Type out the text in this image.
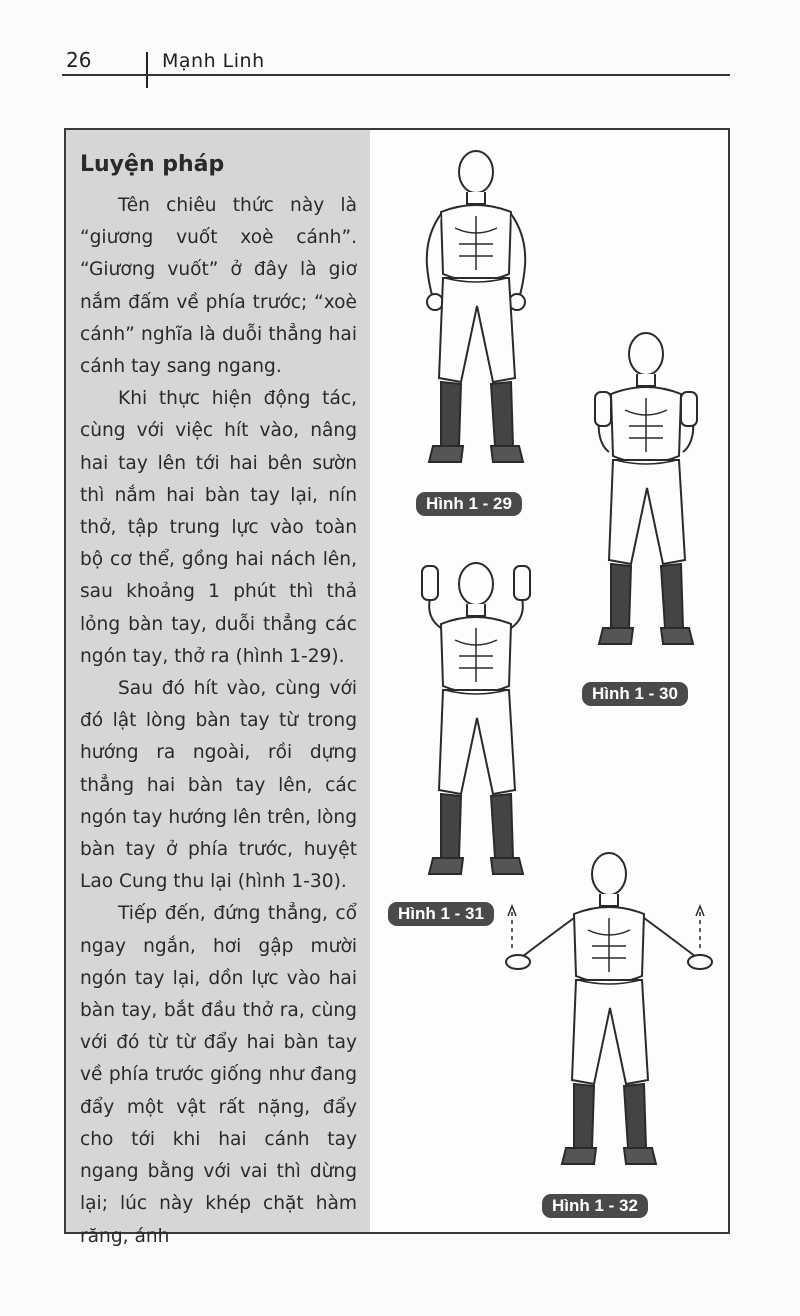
26	Mạnh Linh
Luyện pháp

Tên chiêu thức này là “giương vuốt xoè cánh”. “Giương vuốt” ở đây là giơ nắm đấm về phía trước; “xoè cánh” nghĩa là duỗi thẳng hai cánh tay sang ngang.

Khi thực hiện động tác, cùng với việc hít vào, nâng hai tay lên tới hai bên sườn thì nắm hai bàn tay lại, nín thở, tập trung lực vào toàn bộ cơ thể, gồng hai nách lên, sau khoảng 1 phút thì thả lỏng bàn tay, duỗi thẳng các ngón tay, thở ra (hình 1-29).

Sau đó hít vào, cùng với đó lật lòng bàn tay từ trong hướng ra ngoài, rồi dựng thẳng hai bàn tay lên, các ngón tay hướng lên trên, lòng bàn tay ở phía trước, huyệt Lao Cung thu lại (hình 1-30).

Tiếp đến, đứng thẳng, cổ ngay ngắn, hơi gập mười ngón tay lại, dồn lực vào hai bàn tay, bắt đầu thở ra, cùng với đó từ từ đẩy hai bàn tay về phía trước giống như đang đẩy một vật rất nặng, đẩy cho tới khi hai cánh tay ngang bằng với vai thì dừng lại; lúc này khép chặt hàm răng, ánh

Hình 1 - 29
Hình 1 - 30
Hình 1 - 31
Hình 1 - 32
